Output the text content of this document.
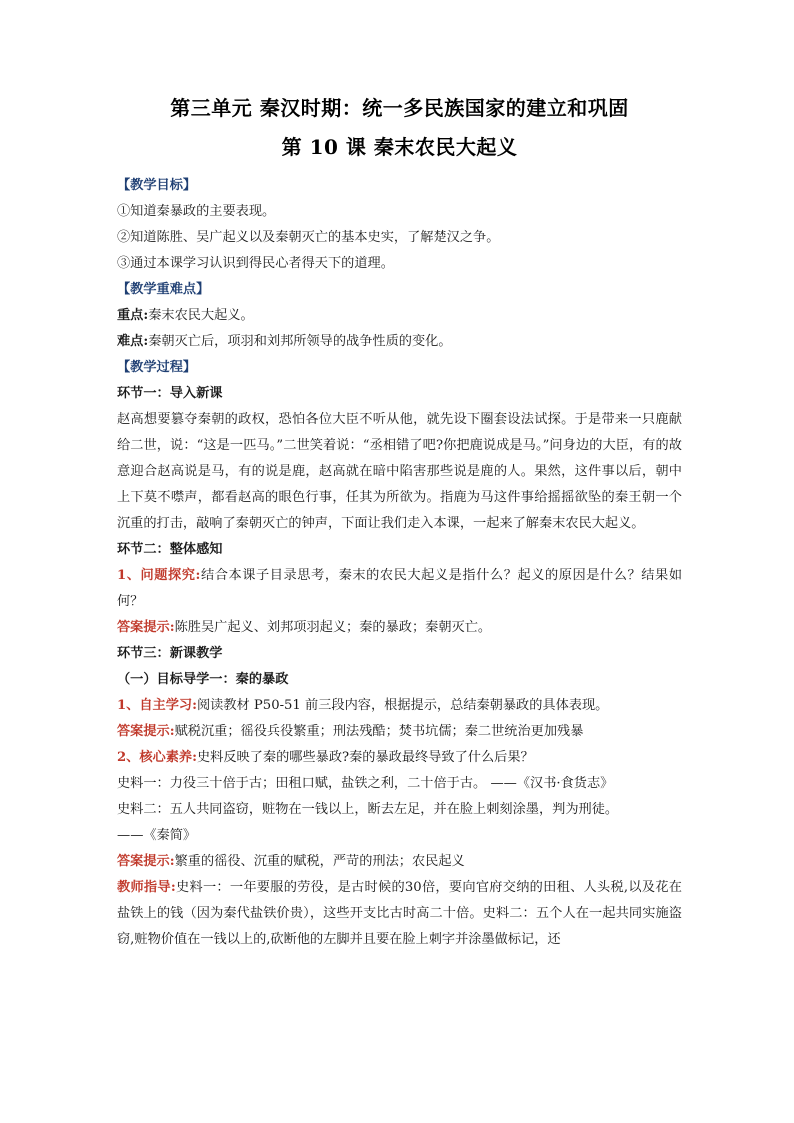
第三单元 秦汉时期：统一多民族国家的建立和巩固
第 10 课 秦末农民大起义
【教学目标】
①知道秦暴政的主要表现。
②知道陈胜、吴广起义以及秦朝灭亡的基本史实，了解楚汉之争。
③通过本课学习认识到得民心者得天下的道理。
【教学重难点】
重点:秦末农民大起义。
难点:秦朝灭亡后，项羽和刘邦所领导的战争性质的变化。
【教学过程】
环节一：导入新课
赵高想要篡夺秦朝的政权，恐怕各位大臣不听从他，就先设下圈套设法试探。于是带来一只鹿献给二世，说：“这是一匹马。”二世笑着说：“丞相错了吧?你把鹿说成是马。”问身边的大臣，有的故意迎合赵高说是马，有的说是鹿，赵高就在暗中陷害那些说是鹿的人。果然，这件事以后，朝中上下莫不噤声，都看赵高的眼色行事，任其为所欲为。指鹿为马这件事给摇摇欲坠的秦王朝一个沉重的打击，敲响了秦朝灭亡的钟声，下面让我们走入本课，一起来了解秦末农民大起义。
环节二：整体感知
1、问题探究:结合本课子目录思考，秦末的农民大起义是指什么？起义的原因是什么？结果如何？
答案提示:陈胜吴广起义、刘邦项羽起义；秦的暴政；秦朝灭亡。
环节三：新课教学
（一）目标导学一：秦的暴政
1、自主学习:阅读教材 P50-51 前三段内容，根据提示，总结秦朝暴政的具体表现。
答案提示:赋税沉重；徭役兵役繁重；刑法残酷；焚书坑儒；秦二世统治更加残暴
2、核心素养:史料反映了秦的哪些暴政?秦的暴政最终导致了什么后果？
史料一：力役三十倍于古；田租口赋，盐铁之利，二十倍于古。 ——《汉书·食货志》
史料二：五人共同盗窃，赃物在一钱以上，断去左足，并在脸上刺刻涂墨，判为刑徒。
——《秦简》
答案提示:繁重的徭役、沉重的赋税，严苛的刑法；农民起义
教师指导:史料一：一年要服的劳役，是古时候的30倍，要向官府交纳的田租、人头税,以及花在盐铁上的钱（因为秦代盐铁价贵），这些开支比古时高二十倍。史料二：五个人在一起共同实施盗窃,赃物价值在一钱以上的,砍断他的左脚并且要在脸上刺字并涂墨做标记，还
